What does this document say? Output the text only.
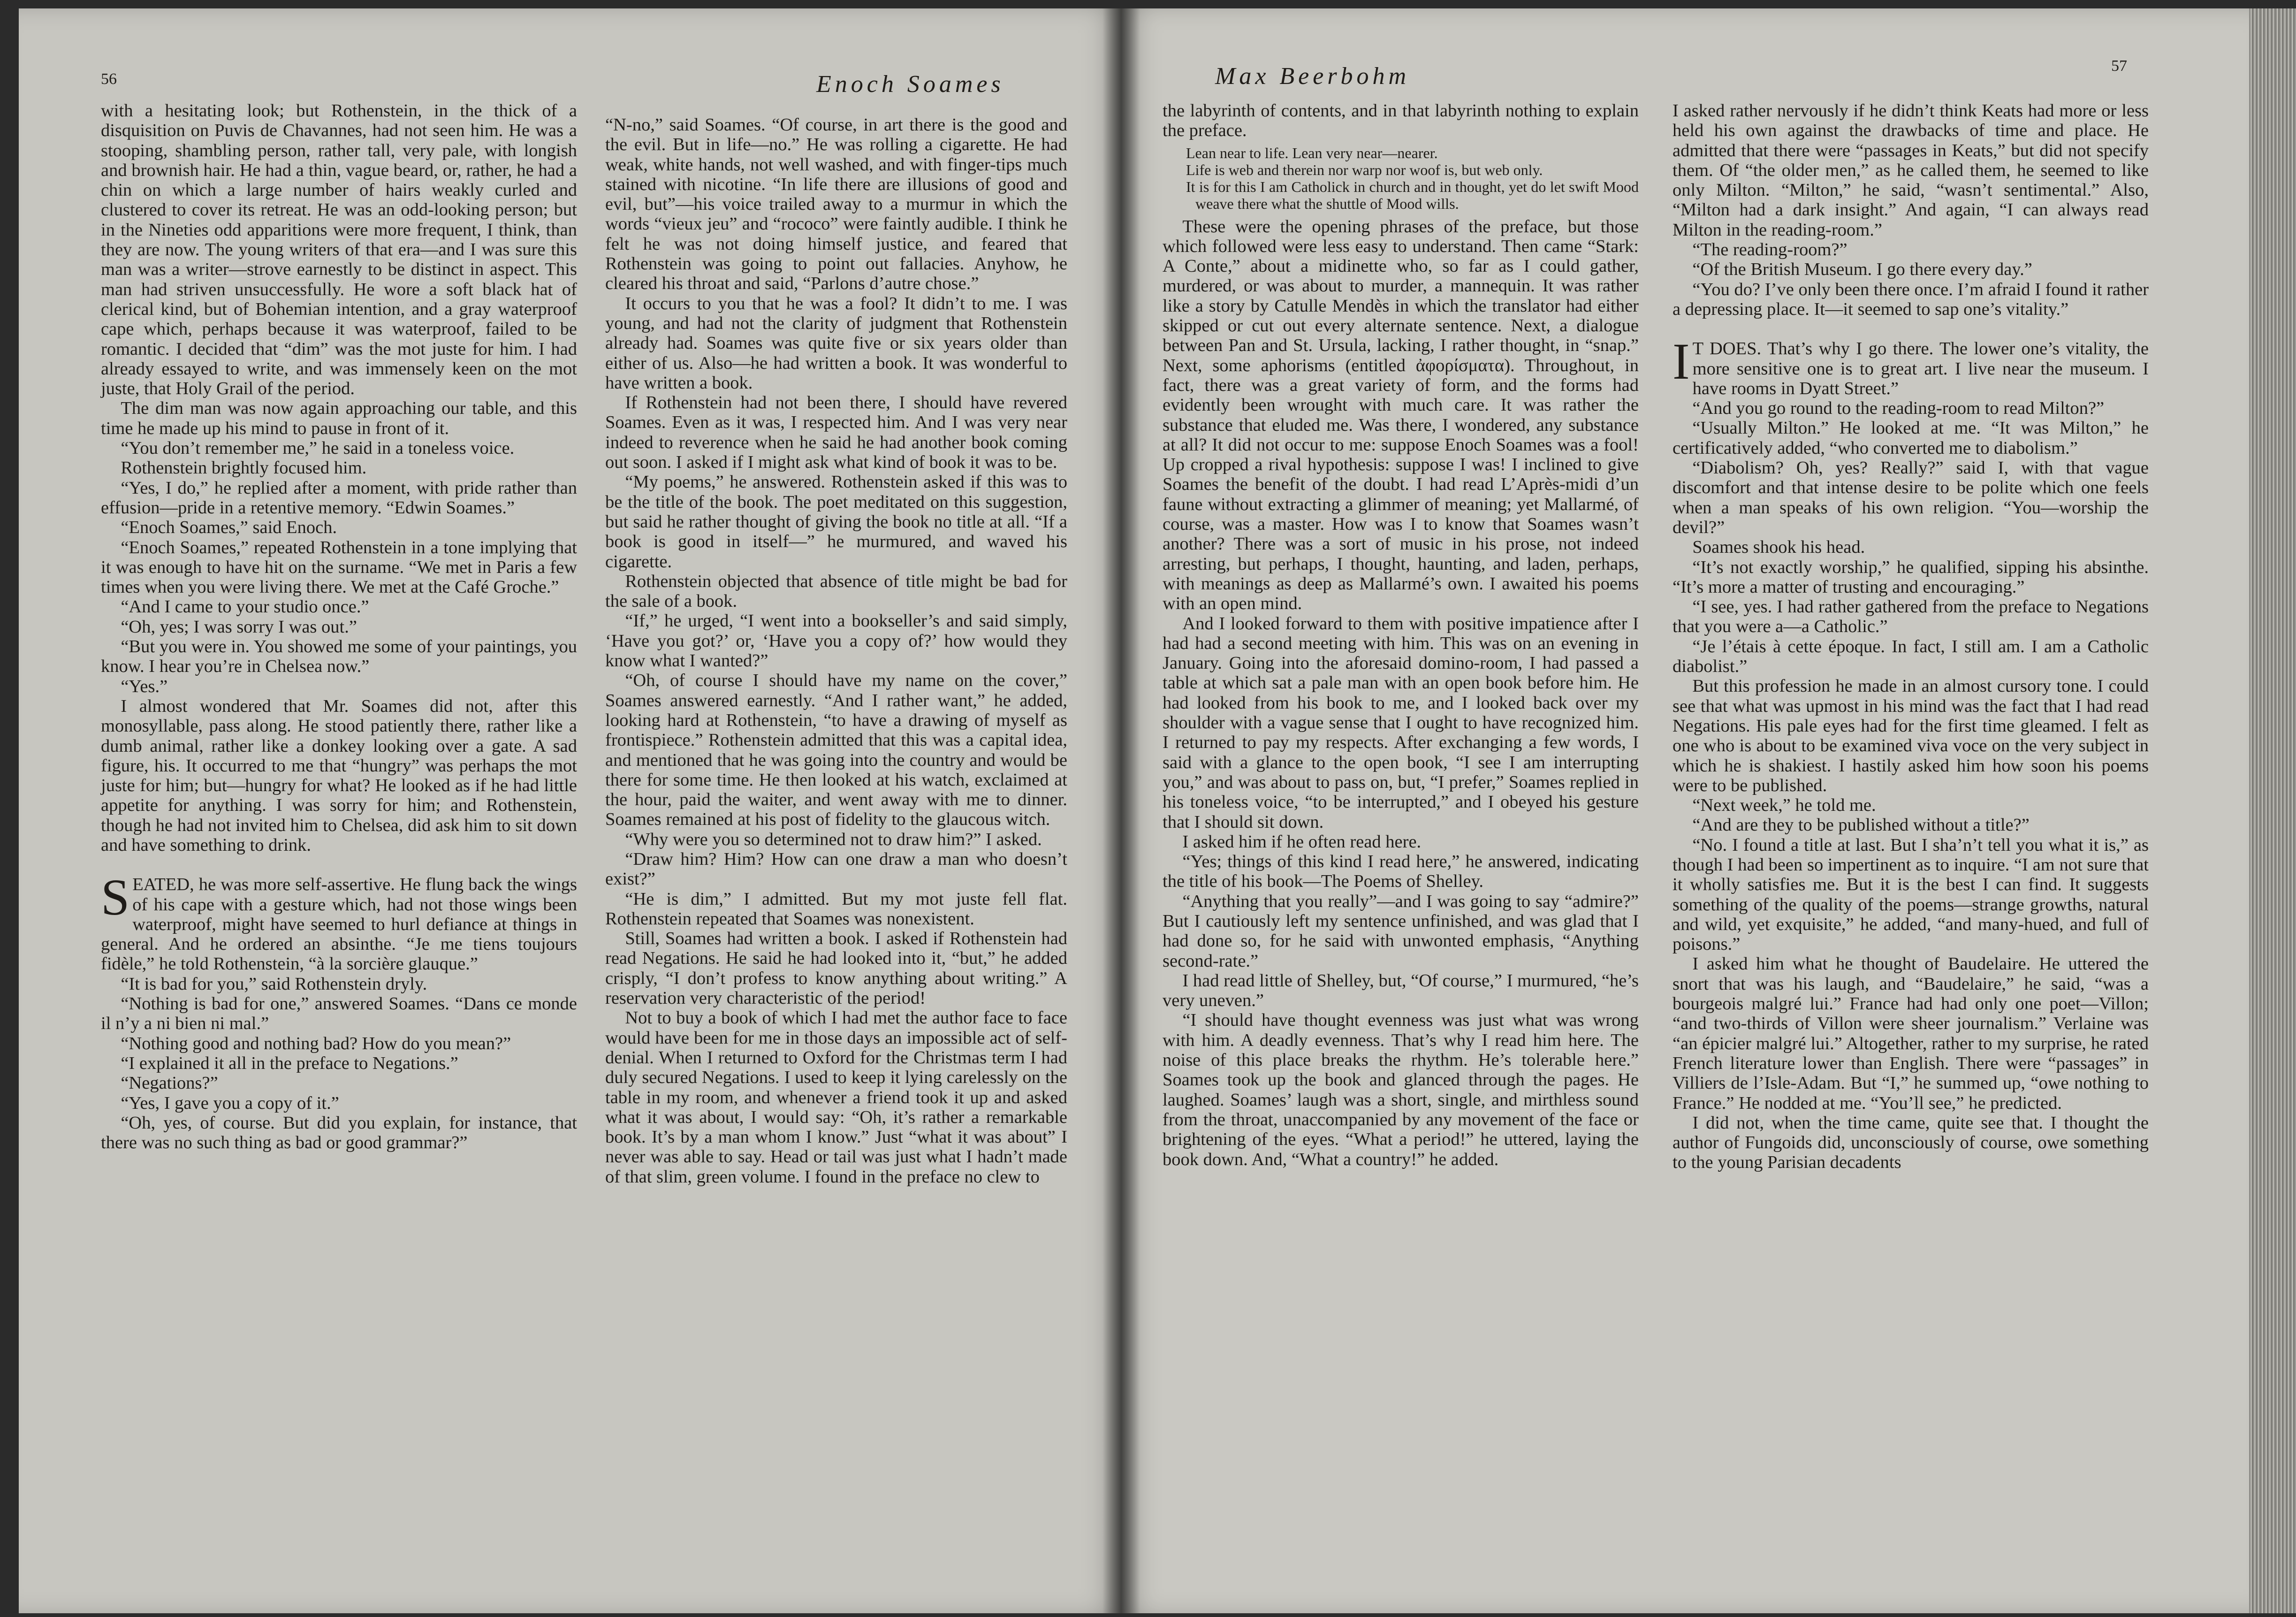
56	Enoch Soames	Max Beerbohm	57

with a hesitating look; but Rothenstein, in the thick of a disquisition on Puvis de Chavannes, had not seen him. He was a stooping, shambling person, rather tall, very pale, with longish and brownish hair. He had a thin, vague beard, or, rather, he had a chin on which a large number of hairs weakly curled and clustered to cover its retreat. He was an odd-looking person; but in the Nineties odd apparitions were more frequent, I think, than they are now. The young writers of that era—and I was sure this man was a writer—strove earnestly to be distinct in aspect. This man had striven unsuccessfully. He wore a soft black hat of clerical kind, but of Bohemian intention, and a gray waterproof cape which, perhaps because it was waterproof, failed to be romantic. I decided that “dim” was the mot juste for him. I had already essayed to write, and was immensely keen on the mot juste, that Holy Grail of the period.

The dim man was now again approaching our table, and this time he made up his mind to pause in front of it.

“You don’t remember me,” he said in a toneless voice.

Rothenstein brightly focused him.

“Yes, I do,” he replied after a moment, with pride rather than effusion—pride in a retentive memory. “Edwin Soames.”

“Enoch Soames,” said Enoch.

“Enoch Soames,” repeated Rothenstein in a tone implying that it was enough to have hit on the surname. “We met in Paris a few times when you were living there. We met at the Café Groche.”

“And I came to your studio once.”

“Oh, yes; I was sorry I was out.”

“But you were in. You showed me some of your paintings, you know. I hear you’re in Chelsea now.”

“Yes.”

I almost wondered that Mr. Soames did not, after this monosyllable, pass along. He stood patiently there, rather like a dumb animal, rather like a donkey looking over a gate. A sad figure, his. It occurred to me that “hungry” was perhaps the mot juste for him; but—hungry for what? He looked as if he had little appetite for anything. I was sorry for him; and Rothenstein, though he had not invited him to Chelsea, did ask him to sit down and have something to drink.

SEATED, he was more self-assertive. He flung back the wings of his cape with a gesture which, had not those wings been waterproof, might have seemed to hurl defiance at things in general. And he ordered an absinthe. “Je me tiens toujours fidèle,” he told Rothenstein, “à la sorcière glauque.”

“It is bad for you,” said Rothenstein dryly.

“Nothing is bad for one,” answered Soames. “Dans ce monde il n’y a ni bien ni mal.”

“Nothing good and nothing bad? How do you mean?”

“I explained it all in the preface to Negations.”

“Negations?”

“Yes, I gave you a copy of it.”

“Oh, yes, of course. But did you explain, for instance, that there was no such thing as bad or good grammar?”

“N-no,” said Soames. “Of course, in art there is the good and the evil. But in life—no.” He was rolling a cigarette. He had weak, white hands, not well washed, and with finger-tips much stained with nicotine. “In life there are illusions of good and evil, but”—his voice trailed away to a murmur in which the words “vieux jeu” and “rococo” were faintly audible. I think he felt he was not doing himself justice, and feared that Rothenstein was going to point out fallacies. Anyhow, he cleared his throat and said, “Parlons d’autre chose.”

It occurs to you that he was a fool? It didn’t to me. I was young, and had not the clarity of judgment that Rothenstein already had. Soames was quite five or six years older than either of us. Also—he had written a book. It was wonderful to have written a book.

If Rothenstein had not been there, I should have revered Soames. Even as it was, I respected him. And I was very near indeed to reverence when he said he had another book coming out soon. I asked if I might ask what kind of book it was to be.

“My poems,” he answered. Rothenstein asked if this was to be the title of the book. The poet meditated on this suggestion, but said he rather thought of giving the book no title at all. “If a book is good in itself—” he murmured, and waved his cigarette.

Rothenstein objected that absence of title might be bad for the sale of a book.

“If,” he urged, “I went into a bookseller’s and said simply, ‘Have you got?’ or, ‘Have you a copy of?’ how would they know what I wanted?”

“Oh, of course I should have my name on the cover,” Soames answered earnestly. “And I rather want,” he added, looking hard at Rothenstein, “to have a drawing of myself as frontispiece.” Rothenstein admitted that this was a capital idea, and mentioned that he was going into the country and would be there for some time. He then looked at his watch, exclaimed at the hour, paid the waiter, and went away with me to dinner. Soames remained at his post of fidelity to the glaucous witch.

“Why were you so determined not to draw him?” I asked.

“Draw him? Him? How can one draw a man who doesn’t exist?”

“He is dim,” I admitted. But my mot juste fell flat. Rothenstein repeated that Soames was nonexistent.

Still, Soames had written a book. I asked if Rothenstein had read Negations. He said he had looked into it, “but,” he added crisply, “I don’t profess to know anything about writing.” A reservation very characteristic of the period!

Not to buy a book of which I had met the author face to face would have been for me in those days an impossible act of self-denial. When I returned to Oxford for the Christmas term I had duly secured Negations. I used to keep it lying carelessly on the table in my room, and whenever a friend took it up and asked what it was about, I would say: “Oh, it’s rather a remarkable book. It’s by a man whom I know.” Just “what it was about” I never was able to say. Head or tail was just what I hadn’t made of that slim, green volume. I found in the preface no clew to

the labyrinth of contents, and in that labyrinth nothing to explain the preface.

Lean near to life. Lean very near—nearer.

Life is web and therein nor warp nor woof is, but web only.

It is for this I am Catholick in church and in thought, yet do let swift Mood weave there what the shuttle of Mood wills.

These were the opening phrases of the preface, but those which followed were less easy to understand. Then came “Stark: A Conte,” about a midinette who, so far as I could gather, murdered, or was about to murder, a mannequin. It was rather like a story by Catulle Mendès in which the translator had either skipped or cut out every alternate sentence. Next, a dialogue between Pan and St. Ursula, lacking, I rather thought, in “snap.” Next, some aphorisms (entitled ἀφορίσματα). Throughout, in fact, there was a great variety of form, and the forms had evidently been wrought with much care. It was rather the substance that eluded me. Was there, I wondered, any substance at all? It did not occur to me: suppose Enoch Soames was a fool! Up cropped a rival hypothesis: suppose I was! I inclined to give Soames the benefit of the doubt. I had read L’Après-midi d’un faune without extracting a glimmer of meaning; yet Mallarmé, of course, was a master. How was I to know that Soames wasn’t another? There was a sort of music in his prose, not indeed arresting, but perhaps, I thought, haunting, and laden, perhaps, with meanings as deep as Mallarmé’s own. I awaited his poems with an open mind.

And I looked forward to them with positive impatience after I had had a second meeting with him. This was on an evening in January. Going into the aforesaid domino-room, I had passed a table at which sat a pale man with an open book before him. He had looked from his book to me, and I looked back over my shoulder with a vague sense that I ought to have recognized him. I returned to pay my respects. After exchanging a few words, I said with a glance to the open book, “I see I am interrupting you,” and was about to pass on, but, “I prefer,” Soames replied in his toneless voice, “to be interrupted,” and I obeyed his gesture that I should sit down.

I asked him if he often read here.

“Yes; things of this kind I read here,” he answered, indicating the title of his book—The Poems of Shelley.

“Anything that you really”—and I was going to say “admire?” But I cautiously left my sentence unfinished, and was glad that I had done so, for he said with unwonted emphasis, “Anything second-rate.”

I had read little of Shelley, but, “Of course,” I murmured, “he’s very uneven.”

“I should have thought evenness was just what was wrong with him. A deadly evenness. That’s why I read him here. The noise of this place breaks the rhythm. He’s tolerable here.” Soames took up the book and glanced through the pages. He laughed. Soames’ laugh was a short, single, and mirthless sound from the throat, unaccompanied by any movement of the face or brightening of the eyes. “What a period!” he uttered, laying the book down. And, “What a country!” he added.

I asked rather nervously if he didn’t think Keats had more or less held his own against the drawbacks of time and place. He admitted that there were “passages in Keats,” but did not specify them. Of “the older men,” as he called them, he seemed to like only Milton. “Milton,” he said, “wasn’t sentimental.” Also, “Milton had a dark insight.” And again, “I can always read Milton in the reading-room.”

“The reading-room?”

“Of the British Museum. I go there every day.”

“You do? I’ve only been there once. I’m afraid I found it rather a depressing place. It—it seemed to sap one’s vitality.”

I T DOES. That’s why I go there. The lower one’s vitality, the more sensitive one is to great art. I live near the museum. I have rooms in Dyatt Street.”

“And you go round to the reading-room to read Milton?”

“Usually Milton.” He looked at me. “It was Milton,” he certificatively added, “who converted me to diabolism.”

“Diabolism? Oh, yes? Really?” said I, with that vague discomfort and that intense desire to be polite which one feels when a man speaks of his own religion. “You—worship the devil?”

Soames shook his head.

“It’s not exactly worship,” he qualified, sipping his absinthe. “It’s more a matter of trusting and encouraging.”

“I see, yes. I had rather gathered from the preface to Negations that you were a—a Catholic.”

“Je l’étais à cette époque. In fact, I still am. I am a Catholic diabolist.”

But this profession he made in an almost cursory tone. I could see that what was upmost in his mind was the fact that I had read Negations. His pale eyes had for the first time gleamed. I felt as one who is about to be examined viva voce on the very subject in which he is shakiest. I hastily asked him how soon his poems were to be published.

“Next week,” he told me.

“And are they to be published without a title?”

“No. I found a title at last. But I sha’n’t tell you what it is,” as though I had been so impertinent as to inquire. “I am not sure that it wholly satisfies me. But it is the best I can find. It suggests something of the quality of the poems—strange growths, natural and wild, yet exquisite,” he added, “and many-hued, and full of poisons.”

I asked him what he thought of Baudelaire. He uttered the snort that was his laugh, and “Baudelaire,” he said, “was a bourgeois malgré lui.” France had had only one poet—Villon; “and two-thirds of Villon were sheer journalism.” Verlaine was “an épicier malgré lui.” Altogether, rather to my surprise, he rated French literature lower than English. There were “passages” in Villiers de l’Isle-Adam. But “I,” he summed up, “owe nothing to France.” He nodded at me. “You’ll see,” he predicted.

I did not, when the time came, quite see that. I thought the author of Fungoids did, unconsciously of course, owe something to the young Parisian decadents
